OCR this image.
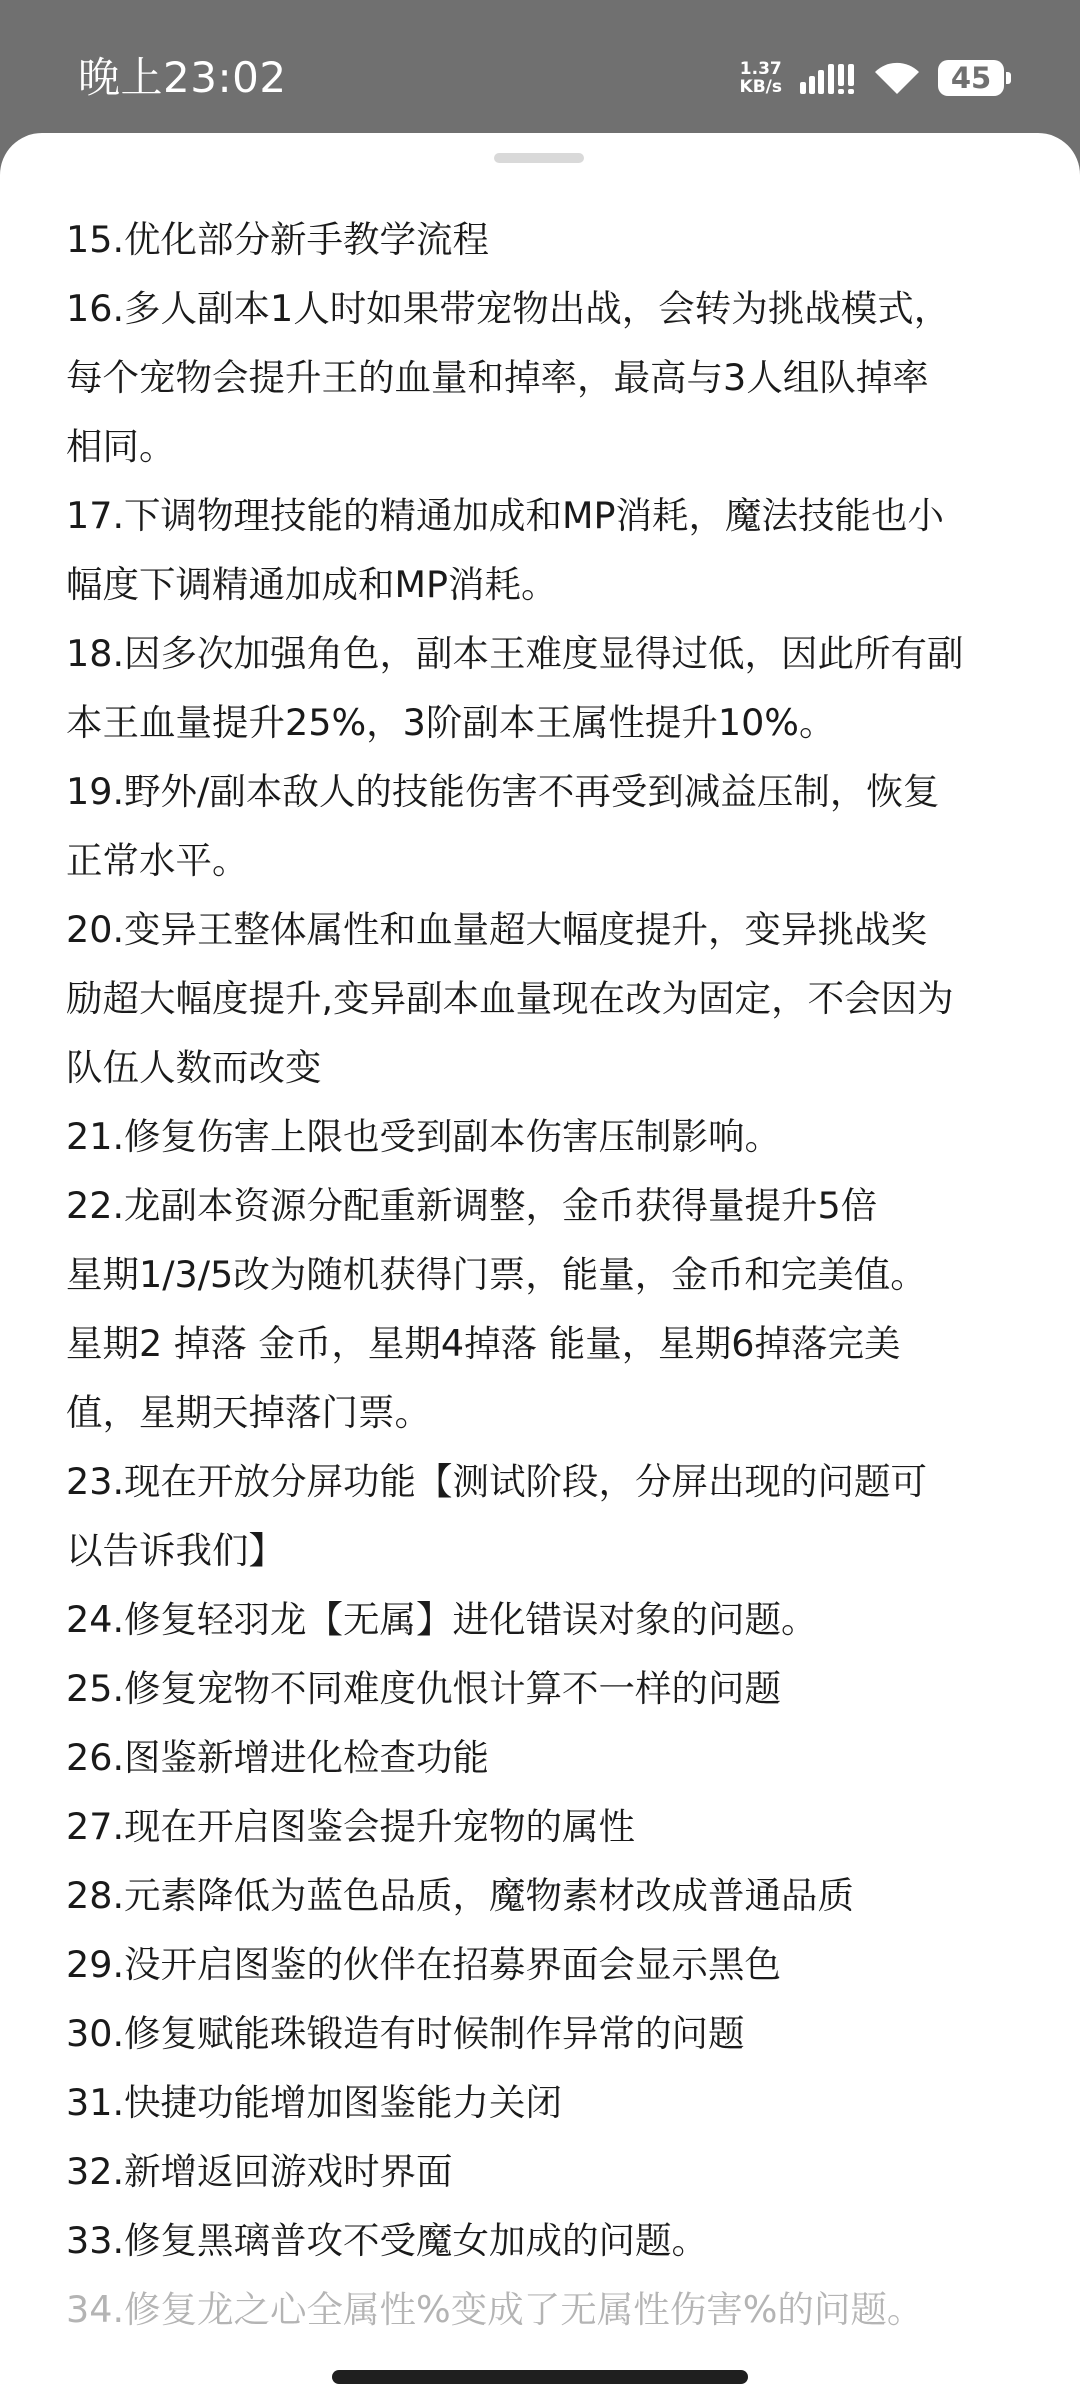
晚上23:02	1.37
KB/s	45
15.优化部分新手教学流程
16.多人副本1人时如果带宠物出战，会转为挑战模式，
每个宠物会提升王的血量和掉率，最高与3人组队掉率
相同。
17.下调物理技能的精通加成和MP消耗，魔法技能也小
幅度下调精通加成和MP消耗。
18.因多次加强角色，副本王难度显得过低，因此所有副
本王血量提升25%，3阶副本王属性提升10%。
19.野外/副本敌人的技能伤害不再受到减益压制，恢复
正常水平。
20.变异王整体属性和血量超大幅度提升，变异挑战奖
励超大幅度提升,变异副本血量现在改为固定，不会因为
队伍人数而改变
21.修复伤害上限也受到副本伤害压制影响。
22.龙副本资源分配重新调整，金币获得量提升5倍
星期1/3/5改为随机获得门票，能量，金币和完美值。
星期2 掉落 金币，星期4掉落 能量，星期6掉落完美
值，星期天掉落门票。
23.现在开放分屏功能【测试阶段，分屏出现的问题可
以告诉我们】
24.修复轻羽龙【无属】进化错误对象的问题。
25.修复宠物不同难度仇恨计算不一样的问题
26.图鉴新增进化检查功能
27.现在开启图鉴会提升宠物的属性
28.元素降低为蓝色品质，魔物素材改成普通品质
29.没开启图鉴的伙伴在招募界面会显示黑色
30.修复赋能珠锻造有时候制作异常的问题
31.快捷功能增加图鉴能力关闭
32.新增返回游戏时界面
33.修复黑璃普攻不受魔女加成的问题。
34.修复龙之心全属性%变成了无属性伤害%的问题。
